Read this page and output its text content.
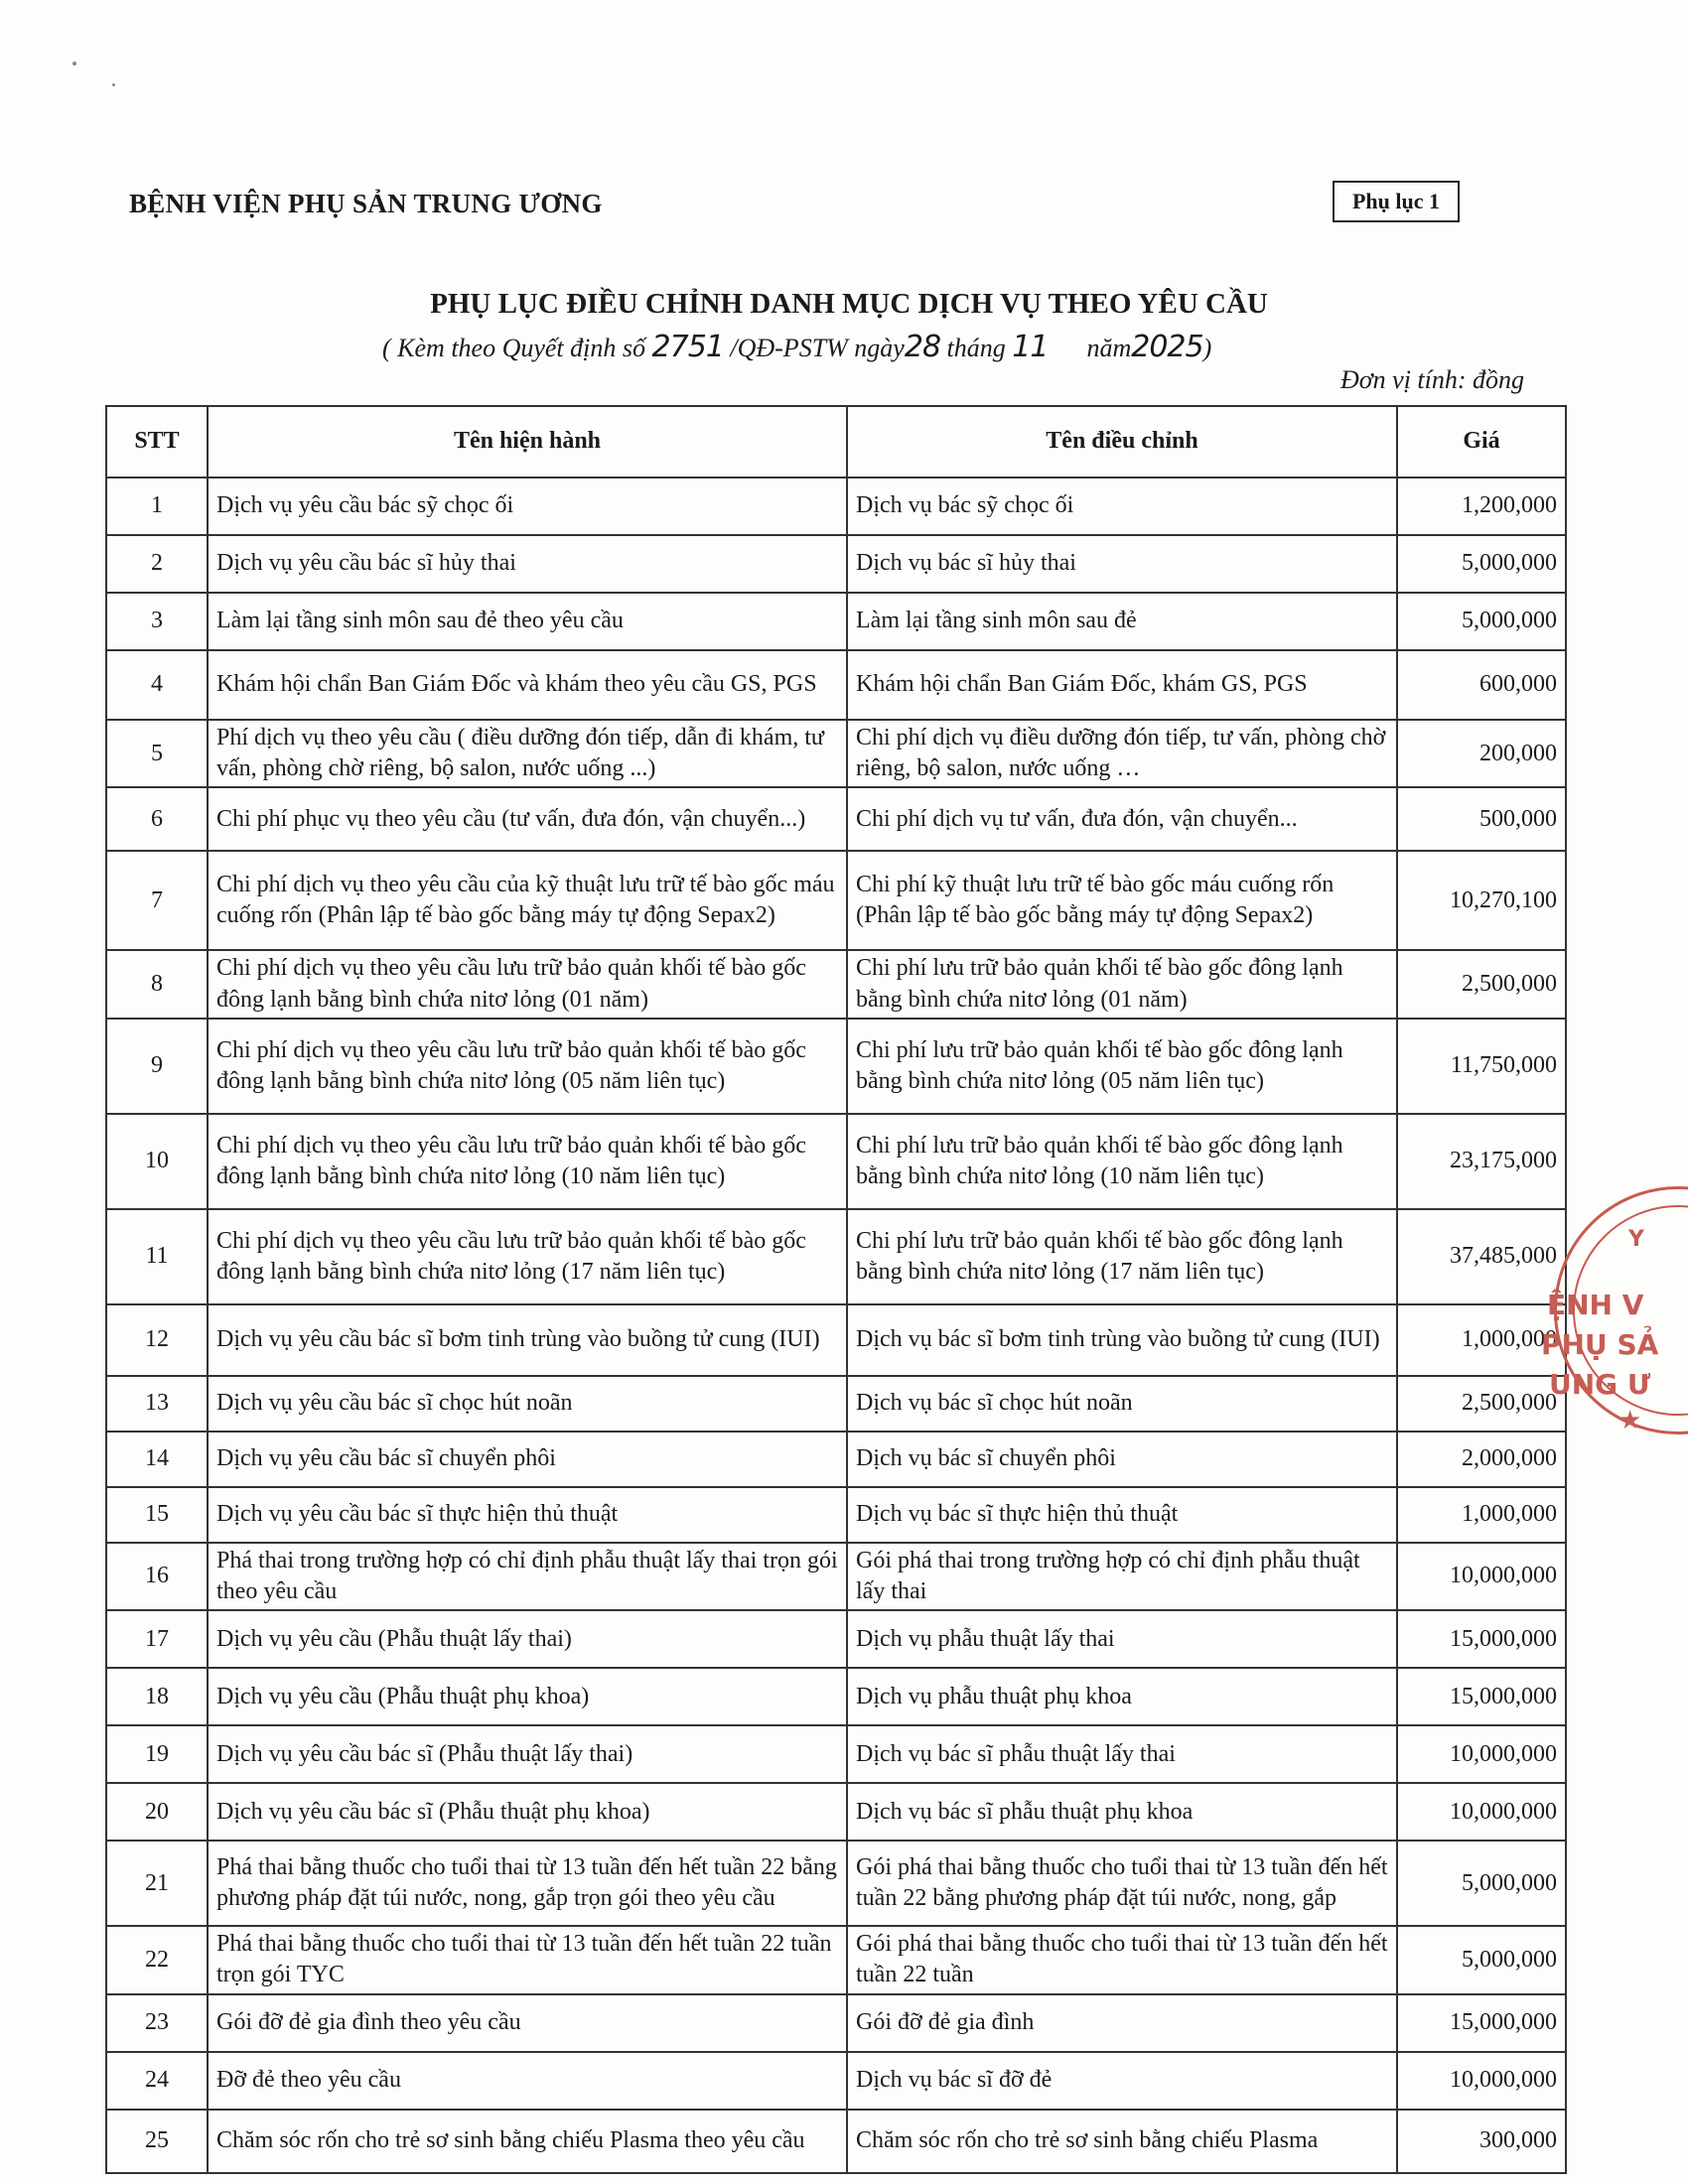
BỆNH VIỆN PHỤ SẢN TRUNG ƯƠNG	Phụ lục 1
PHỤ LỤC ĐIỀU CHỈNH DANH MỤC DỊCH VỤ THEO YÊU CẦU
( Kèm theo Quyết định số 2751 /QĐ-PSTW ngày28 tháng 11      năm2025)
Đơn vị tính: đồng
STT	Tên hiện hành	Tên điều chỉnh	Giá
1	Dịch vụ yêu cầu bác sỹ chọc ối	Dịch vụ bác sỹ chọc ối	1,200,000
2	Dịch vụ yêu cầu bác sĩ hủy thai	Dịch vụ bác sĩ hủy thai	5,000,000
3	Làm lại tầng sinh môn sau đẻ theo yêu cầu	Làm lại tầng sinh môn sau đẻ	5,000,000
4	Khám hội chẩn Ban Giám Đốc và khám theo yêu cầu GS, PGS	Khám hội chẩn Ban Giám Đốc, khám GS, PGS	600,000
5	Phí dịch vụ theo yêu cầu ( điều dưỡng đón tiếp, dẫn đi khám, tư vấn, phòng chờ riêng, bộ salon, nước uống ...)	Chi phí dịch vụ điều dưỡng đón tiếp, tư vấn, phòng chờ riêng, bộ salon, nước uống …	200,000
6	Chi phí phục vụ theo yêu cầu (tư vấn, đưa đón, vận chuyển...)	Chi phí dịch vụ tư vấn, đưa đón, vận chuyển...	500,000
7	Chi phí dịch vụ theo yêu cầu của kỹ thuật lưu trữ tế bào gốc máu cuống rốn (Phân lập tế bào gốc bằng máy tự động Sepax2)	Chi phí kỹ thuật lưu trữ tế bào gốc máu cuống rốn (Phân lập tế bào gốc bằng máy tự động Sepax2)	10,270,100
8	Chi phí dịch vụ theo yêu cầu lưu trữ bảo quản khối tế bào gốc đông lạnh bằng bình chứa nitơ lỏng (01 năm)	Chi phí lưu trữ bảo quản khối tế bào gốc đông lạnh bằng bình chứa nitơ lỏng (01 năm)	2,500,000
9	Chi phí dịch vụ theo yêu cầu lưu trữ bảo quản khối tế bào gốc đông lạnh bằng bình chứa nitơ lỏng (05 năm liên tục)	Chi phí lưu trữ bảo quản khối tế bào gốc đông lạnh bằng bình chứa nitơ lỏng (05 năm liên tục)	11,750,000
10	Chi phí dịch vụ theo yêu cầu lưu trữ bảo quản khối tế bào gốc đông lạnh bằng bình chứa nitơ lỏng (10 năm liên tục)	Chi phí lưu trữ bảo quản khối tế bào gốc đông lạnh bằng bình chứa nitơ lỏng (10 năm liên tục)	23,175,000
11	Chi phí dịch vụ theo yêu cầu lưu trữ bảo quản khối tế bào gốc đông lạnh bằng bình chứa nitơ lỏng (17 năm liên tục)	Chi phí lưu trữ bảo quản khối tế bào gốc đông lạnh bằng bình chứa nitơ lỏng (17 năm liên tục)	37,485,000
12	Dịch vụ yêu cầu bác sĩ bơm tinh trùng vào buồng tử cung (IUI)	Dịch vụ bác sĩ bơm tinh trùng vào buồng tử cung (IUI)	1,000,000
13	Dịch vụ yêu cầu bác sĩ chọc hút noãn	Dịch vụ bác sĩ chọc hút noãn	2,500,000
14	Dịch vụ yêu cầu bác sĩ chuyển phôi	Dịch vụ bác sĩ chuyển phôi	2,000,000
15	Dịch vụ yêu cầu bác sĩ thực hiện thủ thuật	Dịch vụ bác sĩ thực hiện thủ thuật	1,000,000
16	Phá thai trong trường hợp có chỉ định phẫu thuật lấy thai trọn gói theo yêu cầu	Gói phá thai trong trường hợp có chỉ định phẫu thuật lấy thai	10,000,000
17	Dịch vụ yêu cầu (Phẫu thuật lấy thai)	Dịch vụ phẫu thuật lấy thai	15,000,000
18	Dịch vụ yêu cầu (Phẫu thuật phụ khoa)	Dịch vụ phẫu thuật phụ khoa	15,000,000
19	Dịch vụ yêu cầu bác sĩ (Phẫu thuật lấy thai)	Dịch vụ bác sĩ phẫu thuật lấy thai	10,000,000
20	Dịch vụ yêu cầu bác sĩ (Phẫu thuật phụ khoa)	Dịch vụ bác sĩ phẫu thuật phụ khoa	10,000,000
21	Phá thai bằng thuốc cho tuổi thai từ 13 tuần đến hết tuần 22 bằng phương pháp đặt túi nước, nong, gắp trọn gói theo yêu cầu	Gói phá thai bằng thuốc cho tuổi thai từ 13 tuần đến hết tuần 22 bằng phương pháp đặt túi nước, nong, gắp	5,000,000
22	Phá thai bằng thuốc cho tuổi thai từ 13 tuần đến hết tuần 22 tuần trọn gói TYC	Gói phá thai bằng thuốc cho tuổi thai từ 13 tuần đến hết tuần 22 tuần	5,000,000
23	Gói đỡ đẻ gia đình theo yêu cầu	Gói đỡ đẻ gia đình	15,000,000
24	Đỡ đẻ theo yêu cầu	Dịch vụ bác sĩ đỡ đẻ	10,000,000
25	Chăm sóc rốn cho trẻ sơ sinh bằng chiếu Plasma theo yêu cầu	Chăm sóc rốn cho trẻ sơ sinh bằng chiếu Plasma	300,000
Y
ỆNH V
PHỤ SẢ
UNG Ư
★
